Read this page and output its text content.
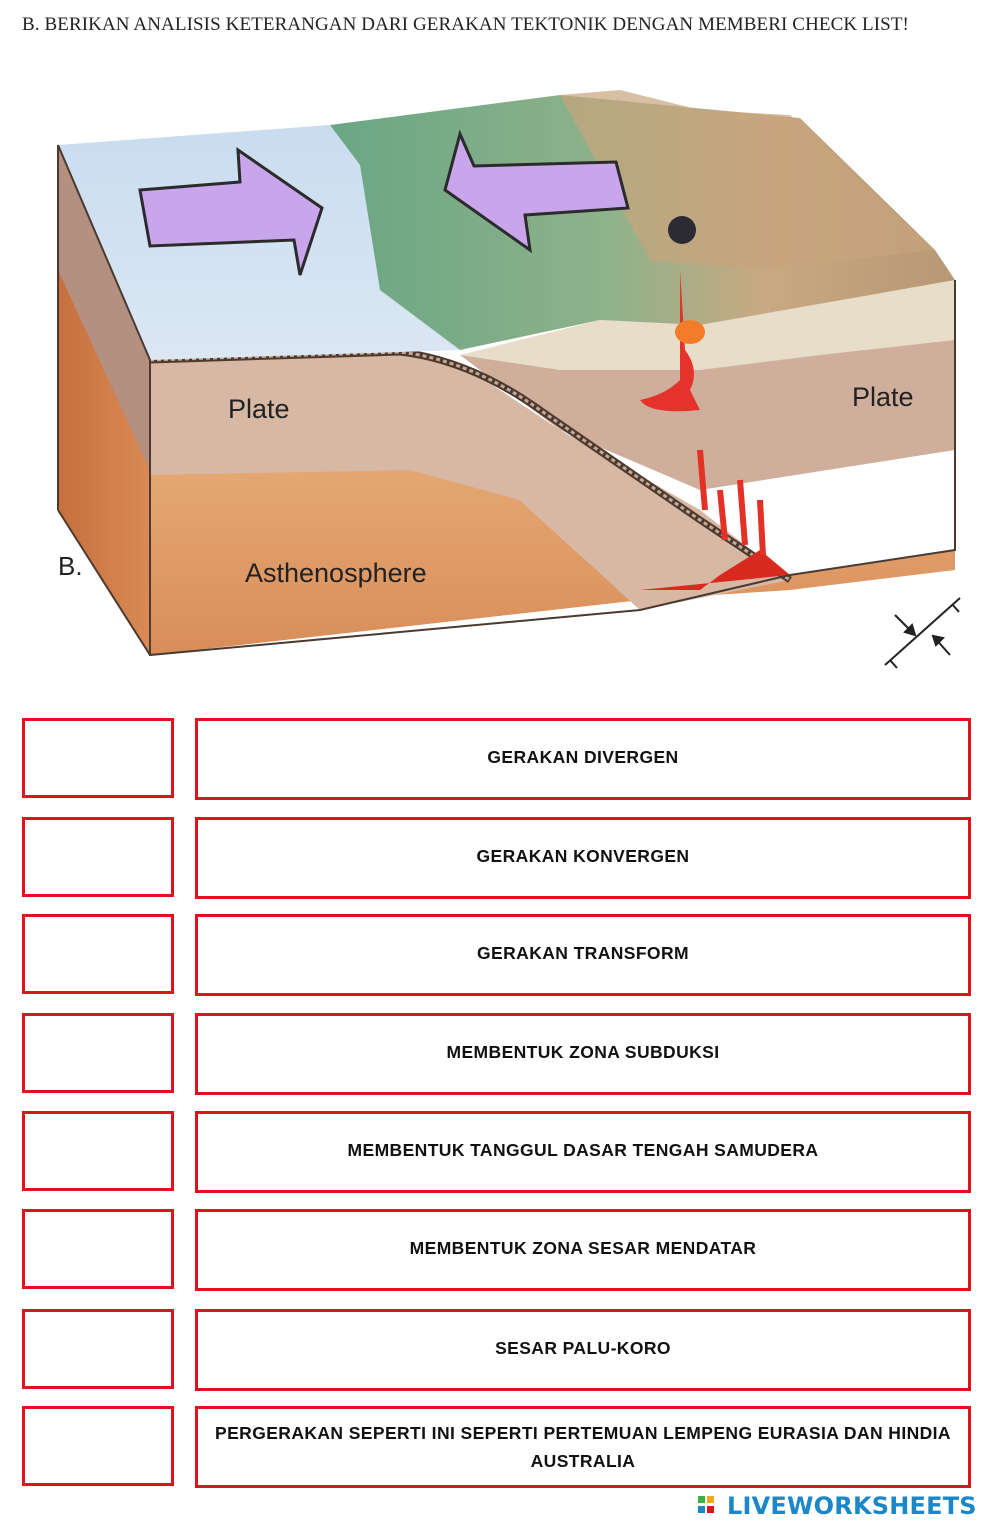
B. BERIKAN ANALISIS KETERANGAN DARI GERAKAN TEKTONIK DENGAN MEMBERI CHECK LIST!
B.
Plate	Plate
Asthenosphere
GERAKAN DIVERGEN
GERAKAN KONVERGEN
GERAKAN TRANSFORM
MEMBENTUK ZONA SUBDUKSI
MEMBENTUK TANGGUL DASAR TENGAH SAMUDERA
MEMBENTUK ZONA SESAR MENDATAR
SESAR PALU-KORO
PERGERAKAN SEPERTI INI SEPERTI PERTEMUAN LEMPENG EURASIA DAN HINDIA AUSTRALIA
LIVEWORKSHEETS
